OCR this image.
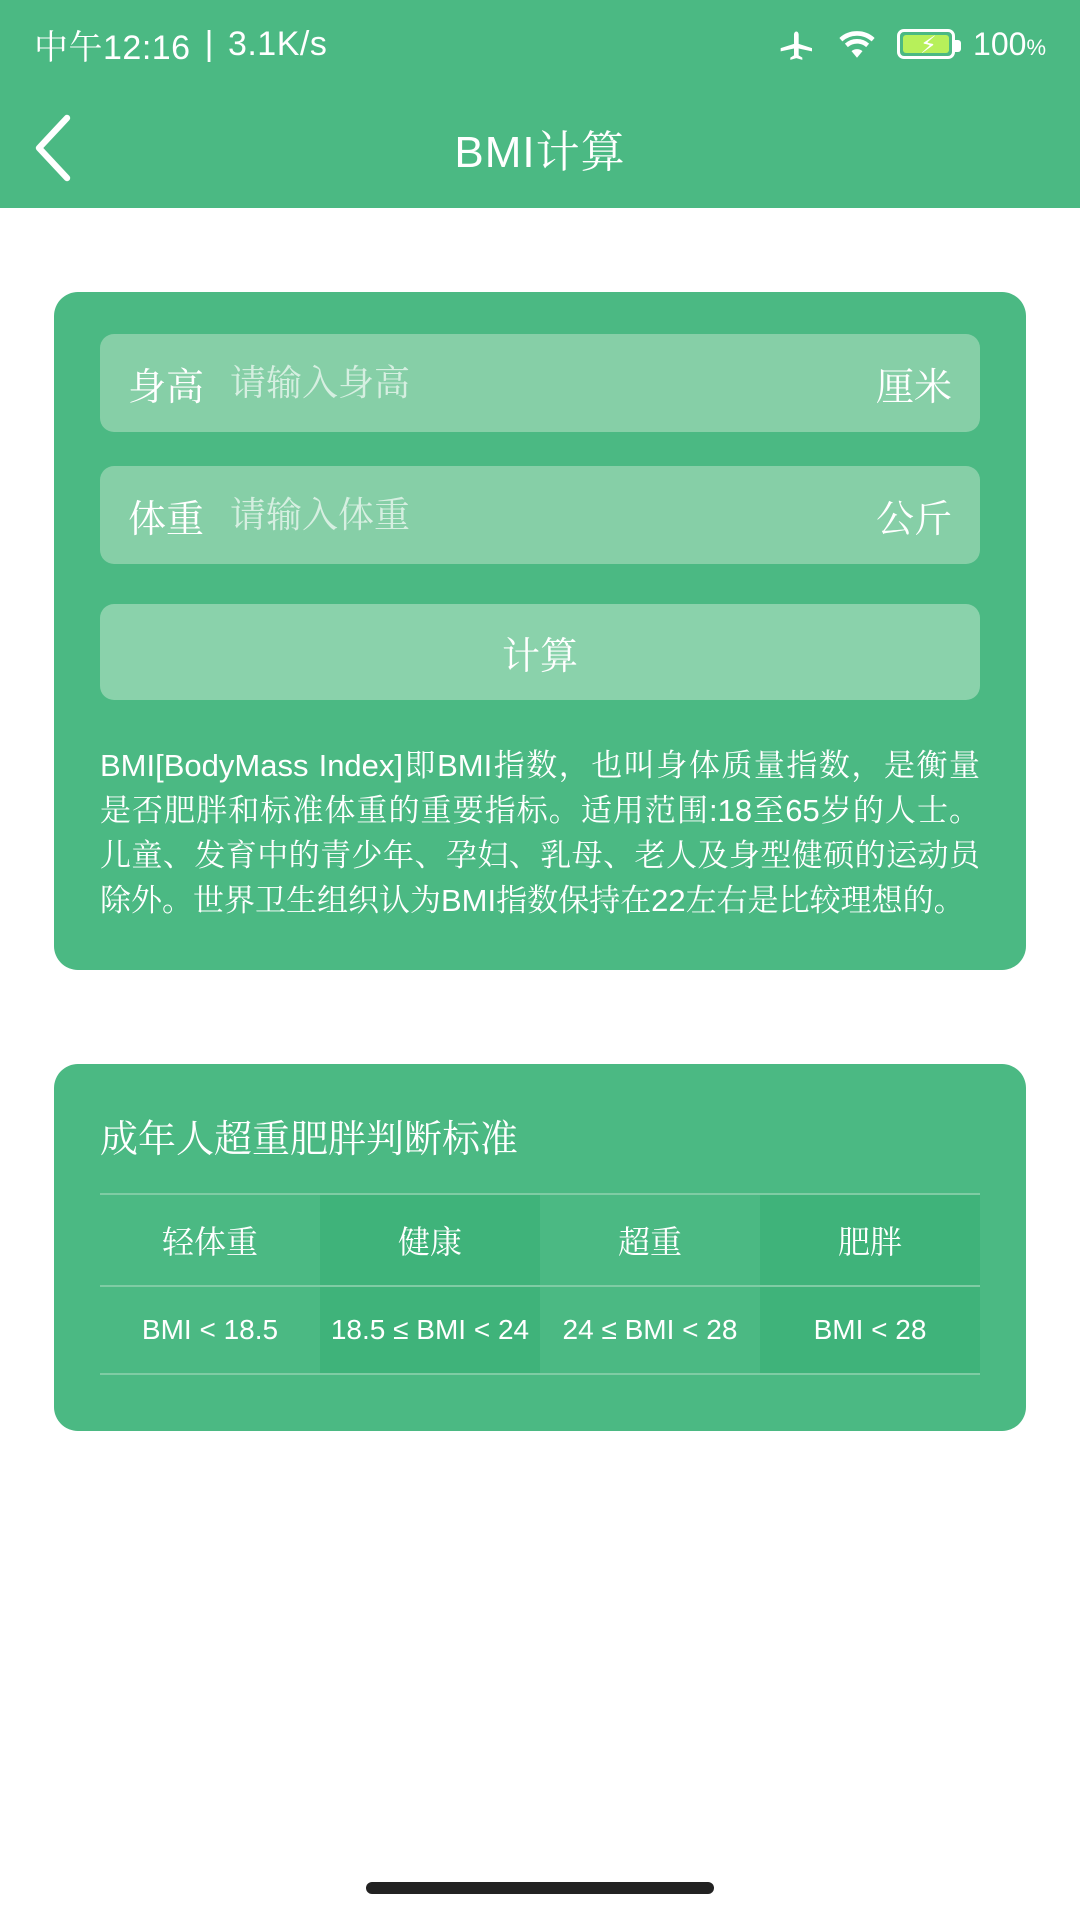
中午12:16 | 3.1K/s	⚡ 100%
BMI计算
身高
请输入身高	厘米
体重
请输入体重	公斤
计算

BMI[BodyMass Index]即BMI指数，也叫身体质量指数，是衡量是否肥胖和标准体重的重要指标。适用范围:18至65岁的人士。儿童、发育中的青少年、孕妇、乳母、老人及身型健硕的运动员除外。世界卫生组织认为BMI指数保持在22左右是比较理想的。

成年人超重肥胖判断标准
轻体重	健康	超重	肥胖
BMI < 18.5	18.5 ≤ BMI < 24	24 ≤ BMI < 28	BMI < 28
